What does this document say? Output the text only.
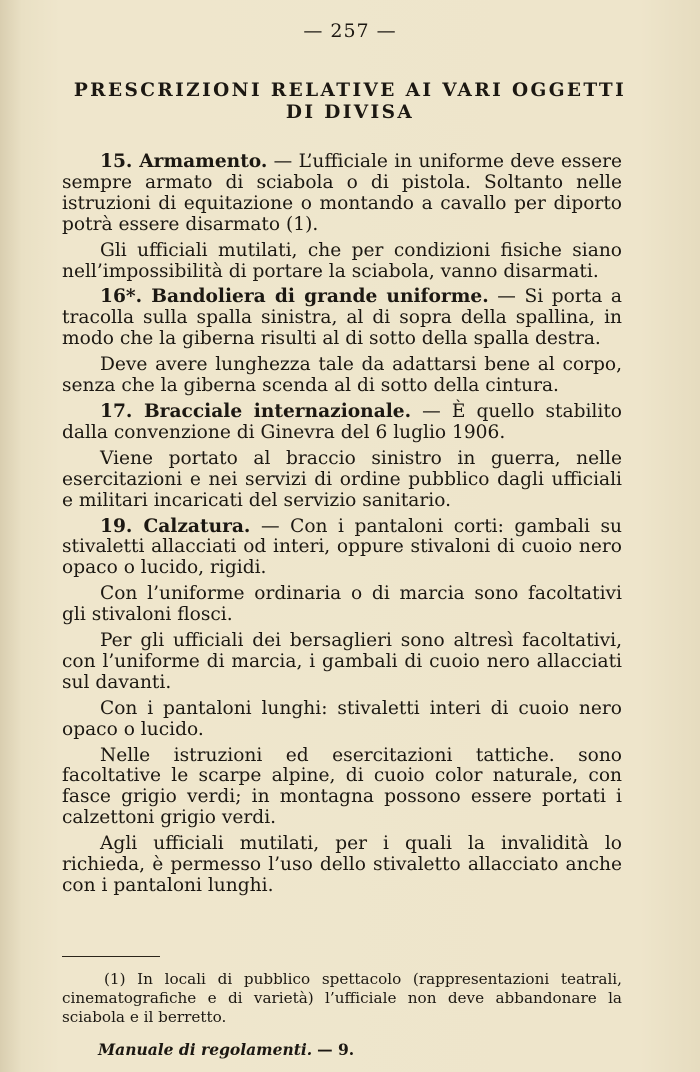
— 257 —
PRESCRIZIONI RELATIVE AI VARI OGGETTI DI DIVISA

15. Armamento. — L’ufficiale in uniforme deve essere sempre armato di sciabola o di pistola. Soltanto nelle istruzioni di equitazione o montando a cavallo per diporto potrà essere disarmato (1).

Gli ufficiali mutilati, che per condizioni fisiche siano nell’impossibilità di portare la sciabola, vanno disarmati.

16*. Bandoliera di grande uniforme. — Si porta a tracolla sulla spalla sinistra, al di sopra della spallina, in modo che la giberna risulti al di sotto della spalla destra.

Deve avere lunghezza tale da adattarsi bene al corpo, senza che la giberna scenda al di sotto della cintura.

17. Bracciale internazionale. — È quello stabilito dalla convenzione di Ginevra del 6 luglio 1906.

Viene portato al braccio sinistro in guerra, nelle esercitazioni e nei servizi di ordine pubblico dagli ufficiali e militari incaricati del servizio sanitario.

19. Calzatura. — Con i pantaloni corti: gambali su stivaletti allacciati od interi, oppure stivaloni di cuoio nero opaco o lucido, rigidi.

Con l’uniforme ordinaria o di marcia sono facoltativi gli stivaloni flosci.

Per gli ufficiali dei bersaglieri sono altresì facoltativi, con l’uniforme di marcia, i gambali di cuoio nero allacciati sul davanti.

Con i pantaloni lunghi: stivaletti interi di cuoio nero opaco o lucido.

Nelle istruzioni ed esercitazioni tattiche. sono facoltative le scarpe alpine, di cuoio color naturale, con fasce grigio verdi; in montagna possono essere portati i calzettoni grigio verdi.

Agli ufficiali mutilati, per i quali la invalidità lo richieda, è permesso l’uso dello stivaletto allacciato anche con i pantaloni lunghi.

(1) In locali di pubblico spettacolo (rappresentazioni teatrali, cinematografiche e di varietà) l’ufficiale non deve abbandonare la sciabola e il berretto.

Manuale di regolamenti. — 9.
